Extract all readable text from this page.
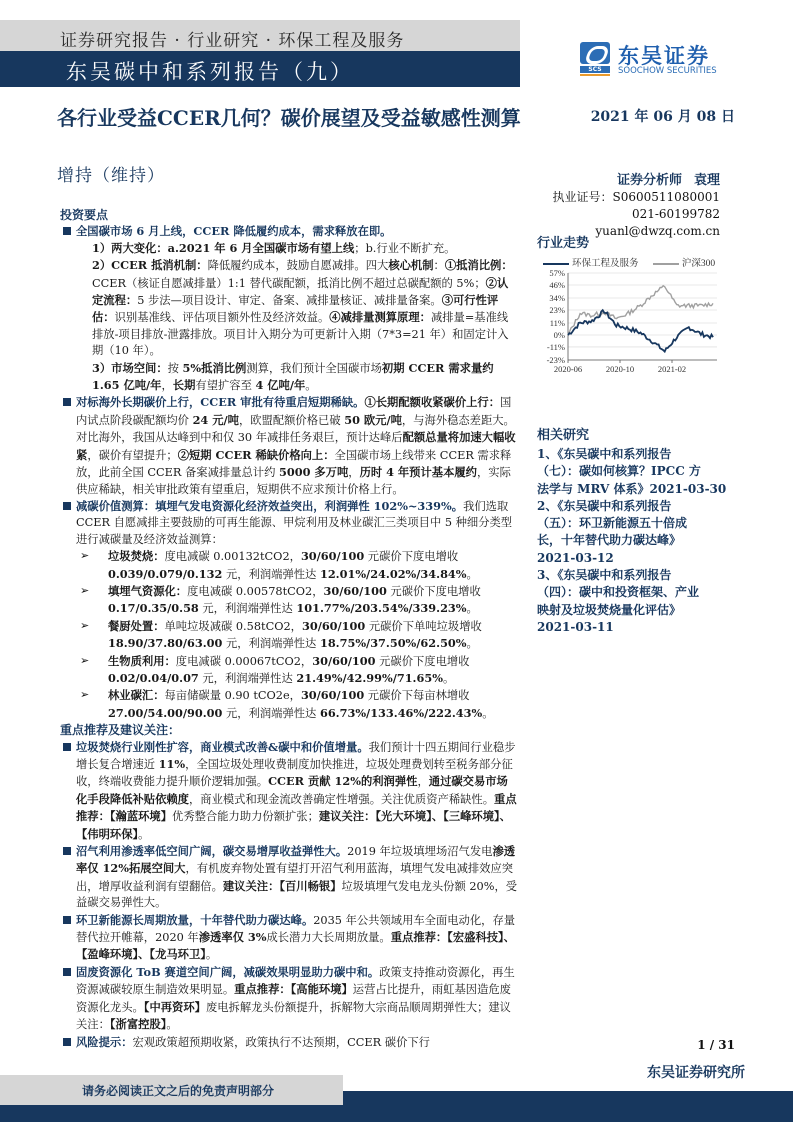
证券研究报告 · 行业研究 · 环保工程及服务
东吴碳中和系列报告（九）	SCS
东吴证券
SOOCHOW SECURITIES
各行业受益CCER几何？碳价展望及受益敏感性测算
增持（维持）
2021 年 06 月 08 日
证券分析师 袁理
执业证号：S0600511080001
021-60199782
yuanl@dwzq.com.cn
投资要点
全国碳市场 6 月上线，CCER 降低履约成本，需求释放在即。
1）两大变化：a.2021 年 6 月全国碳市场有望上线；b.行业不断扩充。
2）CCER 抵消机制：降低履约成本，鼓励自愿减排。四大核心机制：①抵消比例：CCER（核证自愿减排量）1:1 替代碳配额，抵消比例不超过总碳配额的 5%；②认定流程：5 步法—项目设计、审定、备案、减排量核证、减排量备案。③可行性评估：识别基准线、评估项目额外性及经济效益。④减排量测算原理：减排量=基准线排放-项目排放-泄露排放。项目计入期分为可更新计入期（7*3=21 年）和固定计入期（10 年）。
3）市场空间：按 5%抵消比例测算，我们预计全国碳市场初期 CCER 需求量约 1.65 亿吨/年，长期有望扩容至 4 亿吨/年。
对标海外长期碳价上行，CCER 审批有待重启短期稀缺。①长期配额收紧碳价上行：国内试点阶段碳配额均价 24 元/吨，欧盟配额价格已破 50 欧元/吨，与海外稳态差距大。对比海外，我国从达峰到中和仅 30 年减排任务艰巨，预计达峰后配额总量将加速大幅收紧，碳价有望提升；②短期 CCER 稀缺价格向上：全国碳市场上线带来 CCER 需求释放，此前全国 CCER 备案减排量总计约 5000 多万吨，历时 4 年预计基本履约，实际供应稀缺，相关审批政策有望重启，短期供不应求预计价格上行。
减碳价值测算：填埋气发电资源化经济效益突出，利润弹性 102%~339%。我们选取 CCER 自愿减排主要鼓励的可再生能源、甲烷利用及林业碳汇三类项目中 5 种细分类型进行减碳量及经济效益测算：
➢ 垃圾焚烧：度电减碳 0.00132tCO2，30/60/100 元碳价下度电增收 0.039/0.079/0.132 元，利润端弹性达 12.01%/24.02%/34.84%。
➢ 填埋气资源化：度电减碳 0.00578tCO2，30/60/100 元碳价下度电增收 0.17/0.35/0.58 元，利润端弹性达 101.77%/203.54%/339.23%。
➢ 餐厨处置：单吨垃圾减碳 0.58tCO2，30/60/100 元碳价下单吨垃圾增收 18.90/37.80/63.00 元，利润端弹性达 18.75%/37.50%/62.50%。
➢ 生物质利用：度电减碳 0.00067tCO2，30/60/100 元碳价下度电增收 0.02/0.04/0.07 元，利润端弹性达 21.49%/42.99%/71.65%。
➢ 林业碳汇：每亩储碳量 0.90 tCO2e，30/60/100 元碳价下每亩林增收 27.00/54.00/90.00 元，利润端弹性达 66.73%/133.46%/222.43%。
重点推荐及建议关注：
垃圾焚烧行业刚性扩容，商业模式改善&碳中和价值增量。我们预计十四五期间行业稳步增长复合增速近 11%，全国垃圾处理收费制度加快推进，垃圾处理费划转至税务部分征收，终端收费能力提升顺价逻辑加强。CCER 贡献 12%的利润弹性，通过碳交易市场化手段降低补贴依赖度，商业模式和现金流改善确定性增强。关注优质资产稀缺性。重点推荐：【瀚蓝环境】优秀整合能力助力份额扩张；建议关注：【光大环境】、【三峰环境】、【伟明环保】。
沼气利用渗透率低空间广阔，碳交易增厚收益弹性大。2019 年垃圾填埋场沼气发电渗透率仅 12%拓展空间大，有机废弃物处置有望打开沼气利用蓝海，填埋气发电减排效应突出，增厚收益利润有望翻倍。建议关注：【百川畅银】垃圾填埋气发电龙头份额 20%，受益碳交易弹性大。
环卫新能源长周期放量，十年替代助力碳达峰。2035 年公共领域用车全面电动化，存量替代拉开帷幕，2020 年渗透率仅 3%成长潜力大长周期放量。重点推荐：【宏盛科技】、【盈峰环境】、【龙马环卫】。
固废资源化 ToB 赛道空间广阔，减碳效果明显助力碳中和。政策支持推动资源化，再生资源减碳较原生制造效果明显。重点推荐：【高能环境】运营占比提升，雨虹基因造危废资源化龙头。【中再资环】废电拆解龙头份额提升，拆解物大宗商品顺周期弹性大；建议关注：【浙富控股】。
风险提示：宏观政策超预期收紧，政策执行不达预期，CCER 碳价下行
行业走势
环保工程及服务	沪深300
57%
46%
34%
23%
11%
0%
-11%
-23%
2020-06	2020-10	2021-02
相关研究
1、《东吴碳中和系列报告
（七）：碳如何核算？IPCC 方
法学与 MRV 体系》2021-03-30
2、《东吴碳中和系列报告
（五）：环卫新能源五十倍成
长，十年替代助力碳达峰》
2021-03-12
3、《东吴碳中和系列报告
（四）：碳中和投资框架、产业
映射及垃圾焚烧量化评估》
2021-03-11
1 / 31
东吴证券研究所
请务必阅读正文之后的免责声明部分
